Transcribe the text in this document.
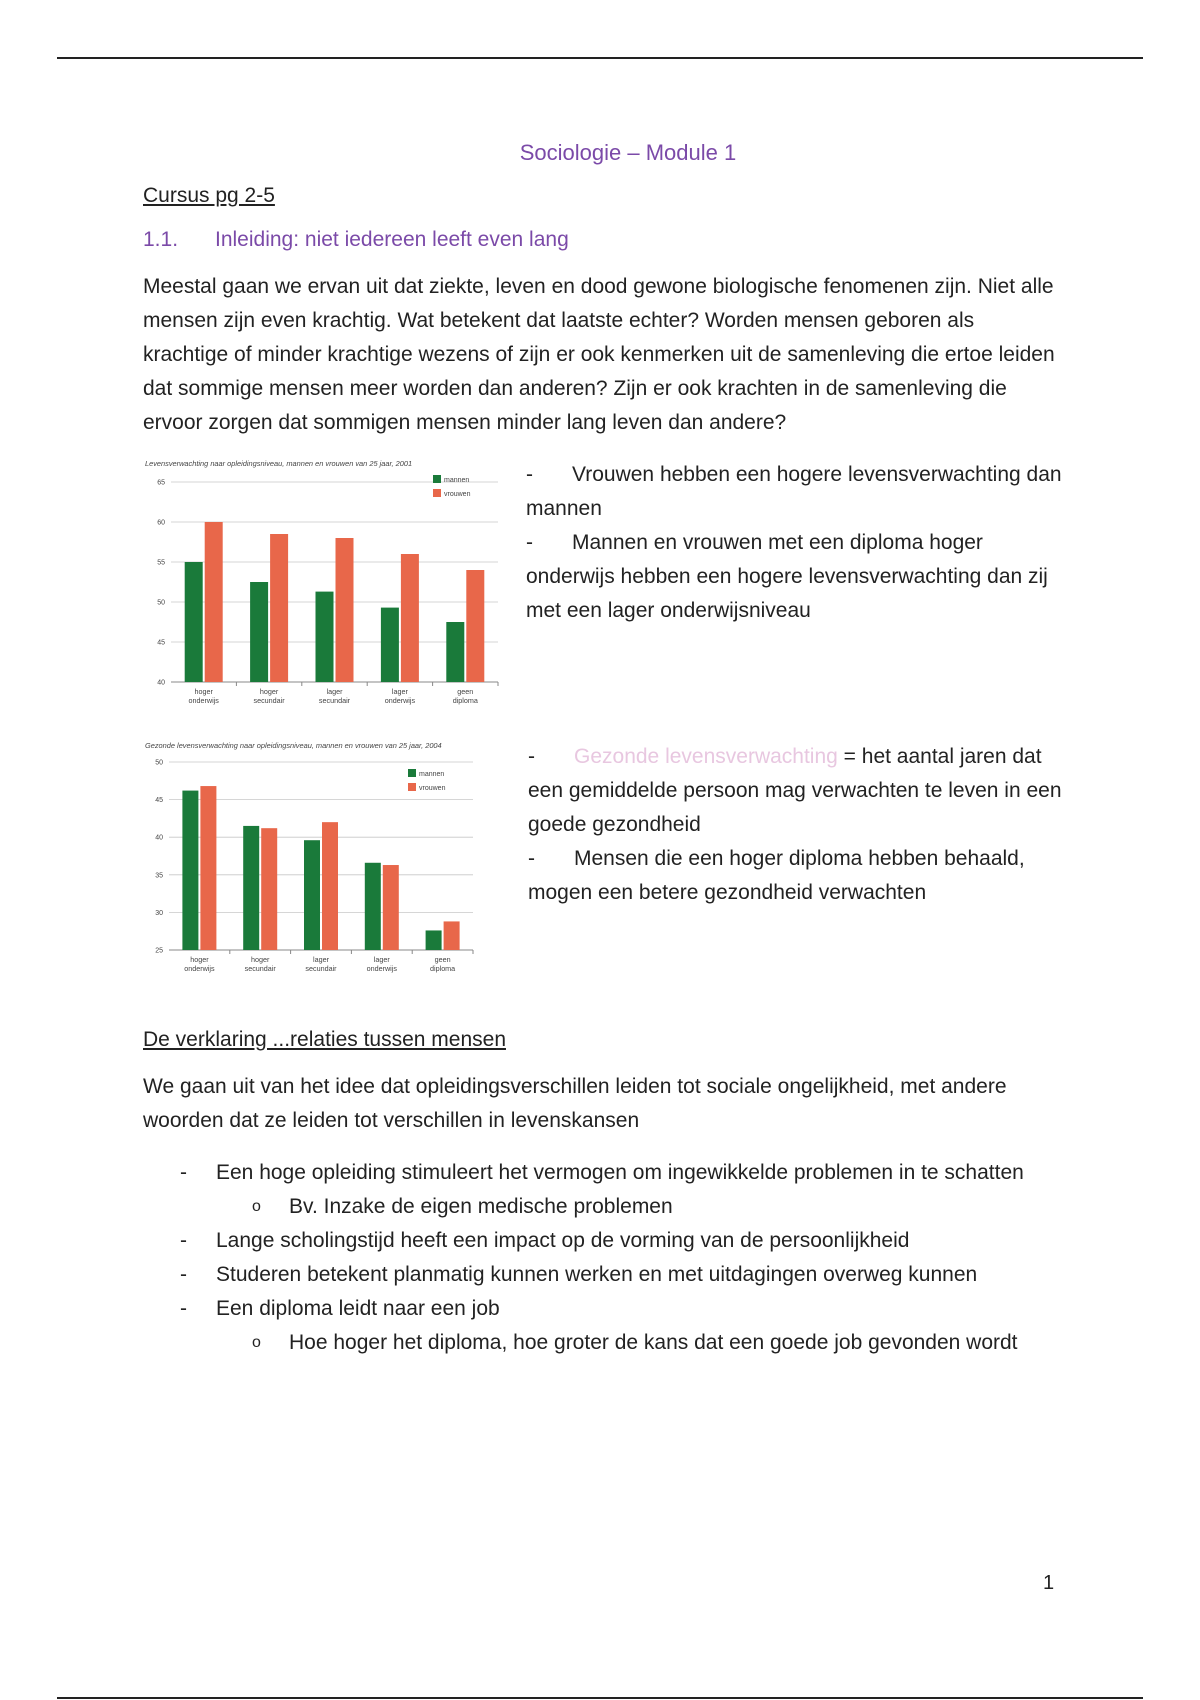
Sociologie – Module 1
Cursus pg 2-5
1.1. Inleiding: niet iedereen leeft even lang

Meestal gaan we ervan uit dat ziekte, leven en dood gewone biologische fenomenen zijn. Niet alle mensen zijn even krachtig. Wat betekent dat laatste echter? Worden mensen geboren als krachtige of minder krachtige wezens of zijn er ook kenmerken uit de samenleving die ertoe leiden dat sommige mensen meer worden dan anderen? Zijn er ook krachten in de samenleving die ervoor zorgen dat sommigen mensen minder lang leven dan andere?

Levensverwachting naar opleidingsniveau, mannen en vrouwen van 25 jaar, 2001
40
45
50
55
60
65
hoger
onderwijs
hoger
secundair
lager
secundair
lager
onderwijs
geen
diploma
mannen
vrouwen
- Vrouwen hebben een hogere levensverwachting dan mannen
- Mannen en vrouwen met een diploma hoger onderwijs hebben een hogere levensverwachting dan zij met een lager onderwijsniveau
Gezonde levensverwachting naar opleidingsniveau, mannen en vrouwen van 25 jaar, 2004
25
30
35
40
45
50
hoger
onderwijs
hoger
secundair
lager
secundair
lager
onderwijs
geen
diploma
mannen
vrouwen
- Gezonde levensverwachting = het aantal jaren dat een gemiddelde persoon mag verwachten te leven in een goede gezondheid
- Mensen die een hoger diploma hebben behaald, mogen een betere gezondheid verwachten
De verklaring ...relaties tussen mensen

We gaan uit van het idee dat opleidingsverschillen leiden tot sociale ongelijkheid, met andere woorden dat ze leiden tot verschillen in levenskansen

- Een hoge opleiding stimuleert het vermogen om ingewikkelde problemen in te schatten
o Bv. Inzake de eigen medische problemen
- Lange scholingstijd heeft een impact op de vorming van de persoonlijkheid
- Studeren betekent planmatig kunnen werken en met uitdagingen overweg kunnen
- Een diploma leidt naar een job
o Hoe hoger het diploma, hoe groter de kans dat een goede job gevonden wordt
1
